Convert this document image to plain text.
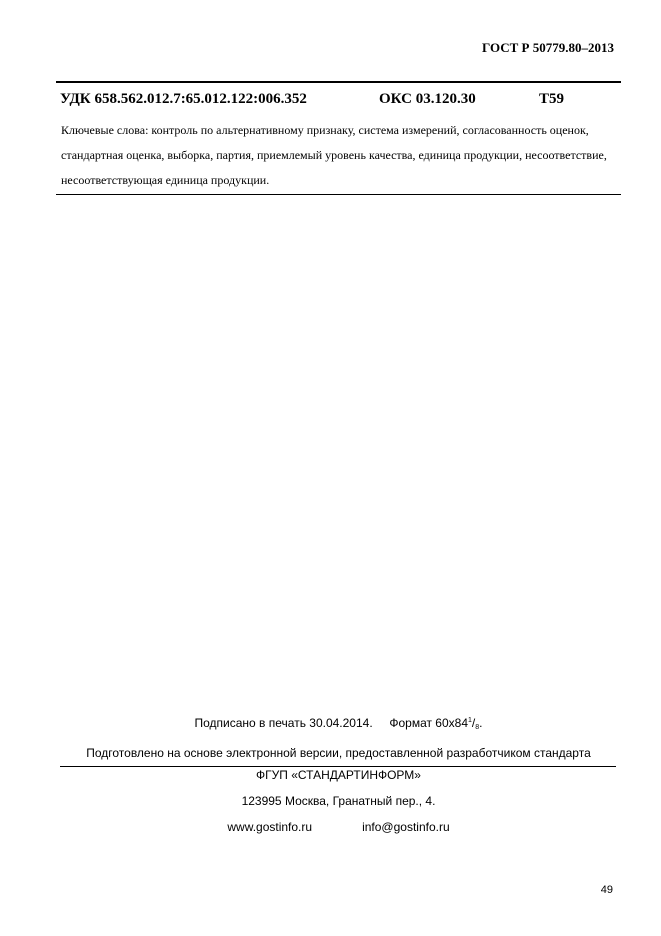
ГОСТ Р 50779.80–2013
УДК 658.562.012.7:65.012.122:006.352	ОКС 03.120.30	Т59
Ключевые слова: контроль по альтернативному признаку, система измерений, согласованность оценок, стандартная оценка, выборка, партия, приемлемый уровень качества, единица продукции, несоответствие, несоответствующая единица продукции.
Подписано в печать 30.04.2014. Формат $60x84^1/_8$.
Подготовлено на основе электронной версии, предоставленной разработчиком стандарта
ФГУП «СТАНДАРТИНФОРМ»
123995 Москва, Гранатный пер., 4.
www.gostinfo.ru	info@gostinfo.ru
49
